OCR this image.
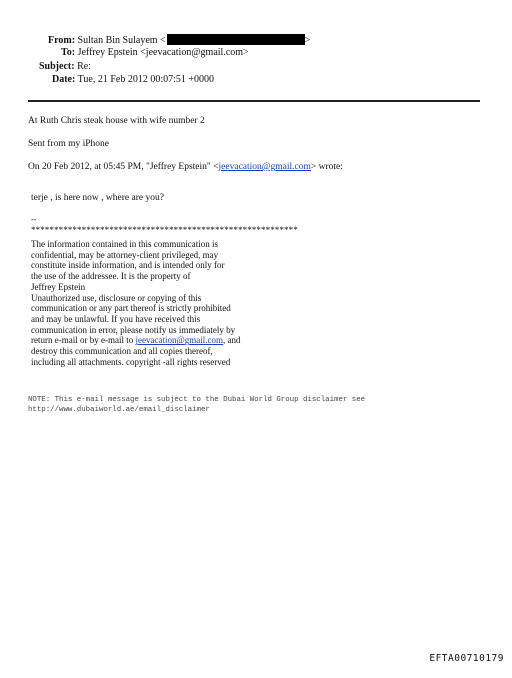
From: Sultan Bin Sulayem <	>
To: Jeffrey Epstein <jeevacation@gmail.com>
Subject: Re:
Date: Tue, 21 Feb 2012 00:07:51 +0000
At Ruth Chris steak house with wife number 2
Sent from my iPhone
On 20 Feb 2012, at 05:45 PM, "Jeffrey Epstein" <jeevacation@gmail.com> wrote:
terje , is here now , where are you?
--
**********************************************************
The information contained in this communication is
confidential, may be attorney-client privileged, may
constitute inside information, and is intended only for
the use of the addressee. It is the property of
Jeffrey Epstein
Unauthorized use, disclosure or copying of this
communication or any part thereof is strictly prohibited
and may be unlawful. If you have received this
communication in error, please notify us immediately by
return e-mail or by e-mail to jeevacation@gmail.com, and
destroy this communication and all copies thereof,
including all attachments. copyright -all rights reserved
NOTE: This e-mail message is subject to the Dubai World Group disclaimer see
http://www.dubaiworld.ae/email_disclaimer
EFTA00710179
